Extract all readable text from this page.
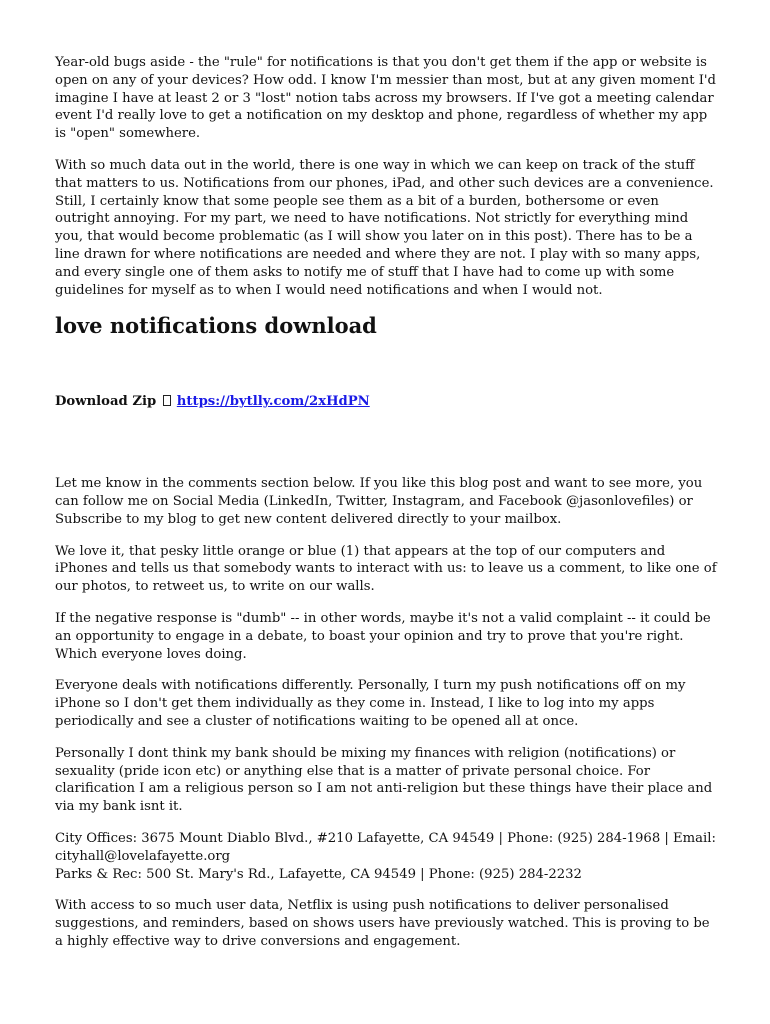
Year-old bugs aside - the "rule" for notifications is that you don't get them if the app or website is open on any of your devices? How odd. I know I'm messier than most, but at any given moment I'd imagine I have at least 2 or 3 "lost" notion tabs across my browsers. If I've got a meeting calendar event I'd really love to get a notification on my desktop and phone, regardless of whether my app is "open" somewhere.

With so much data out in the world, there is one way in which we can keep on track of the stuff that matters to us. Notifications from our phones, iPad, and other such devices are a convenience. Still, I certainly know that some people see them as a bit of a burden, bothersome or even outright annoying. For my part, we need to have notifications. Not strictly for everything mind you, that would become problematic (as I will show you later on in this post). There has to be a line drawn for where notifications are needed and where they are not. I play with so many apps, and every single one of them asks to notify me of stuff that I have had to come up with some guidelines for myself as to when I would need notifications and when I would not.

love notifications download
Download Zip https://bytlly.com/2xHdPN

Let me know in the comments section below. If you like this blog post and want to see more, you can follow me on Social Media (LinkedIn, Twitter, Instagram, and Facebook @jasonlovefiles) or Subscribe to my blog to get new content delivered directly to your mailbox.

We love it, that pesky little orange or blue (1) that appears at the top of our computers and iPhones and tells us that somebody wants to interact with us: to leave us a comment, to like one of our photos, to retweet us, to write on our walls.

If the negative response is "dumb" -- in other words, maybe it's not a valid complaint -- it could be an opportunity to engage in a debate, to boast your opinion and try to prove that you're right. Which everyone loves doing.

Everyone deals with notifications differently. Personally, I turn my push notifications off on my iPhone so I don't get them individually as they come in. Instead, I like to log into my apps periodically and see a cluster of notifications waiting to be opened all at once.

Personally I dont think my bank should be mixing my finances with religion (notifications) or sexuality (pride icon etc) or anything else that is a matter of private personal choice. For clarification I am a religious person so I am not anti-religion but these things have their place and via my bank isnt it.

City Offices: 3675 Mount Diablo Blvd., #210 Lafayette, CA 94549 | Phone: (925) 284-1968 | Email: cityhall@lovelafayette.org
Parks & Rec: 500 St. Mary's Rd., Lafayette, CA 94549 | Phone: (925) 284-2232

With access to so much user data, Netflix is using push notifications to deliver personalised suggestions, and reminders, based on shows users have previously watched. This is proving to be a highly effective way to drive conversions and engagement.
